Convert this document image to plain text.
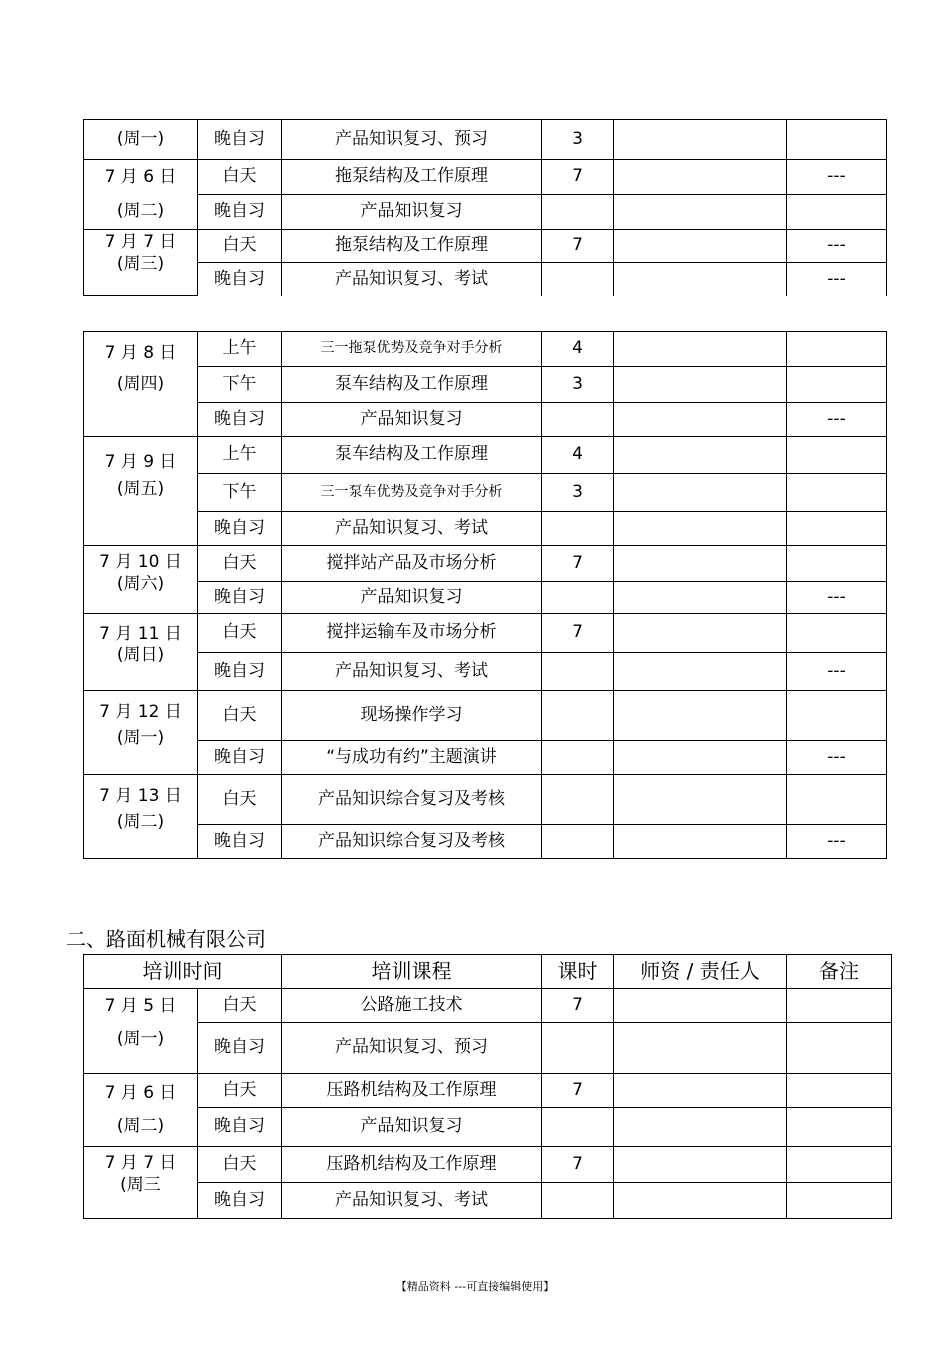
(周一)	晚自习	产品知识复习、预习	3		

7 月 6 日
(周二)	白天	拖泵结构及工作原理	7		---
	晚自习	产品知识复习			

7 月 7 日
(周三)	白天	拖泵结构及工作原理	7		---
	晚自习	产品知识复习、考试			---
7 月 8 日
(周四)	上午	三一拖泵优势及竞争对手分析	4		
	下午	泵车结构及工作原理	3		
	晚自习	产品知识复习			---

7 月 9 日
(周五)	上午	泵车结构及工作原理	4		
	下午	三一泵车优势及竞争对手分析	3		
	晚自习	产品知识复习、考试			

7 月 10 日
(周六)	白天	搅拌站产品及市场分析	7		
	晚自习	产品知识复习			---

7 月 11 日
(周日)	白天	搅拌运输车及市场分析	7		
	晚自习	产品知识复习、考试			---

7 月 12 日
(周一)	白天	现场操作学习			
	晚自习	“与成功有约”主题演讲			---

7 月 13 日
(周二)	白天	产品知识综合复习及考核			
	晚自习	产品知识综合复习及考核			---
二、路面机械有限公司
培训时间		培训课程	课时	师资 / 责任人	备注

7 月 5 日
(周一)	白天	公路施工技术	7		
	晚自习	产品知识复习、预习			

7 月 6 日
(周二)	白天	压路机结构及工作原理	7		
	晚自习	产品知识复习			

7 月 7 日
(周三	白天	压路机结构及工作原理	7		
	晚自习	产品知识复习、考试			
【精品资料 ---可直接编辑使用】
